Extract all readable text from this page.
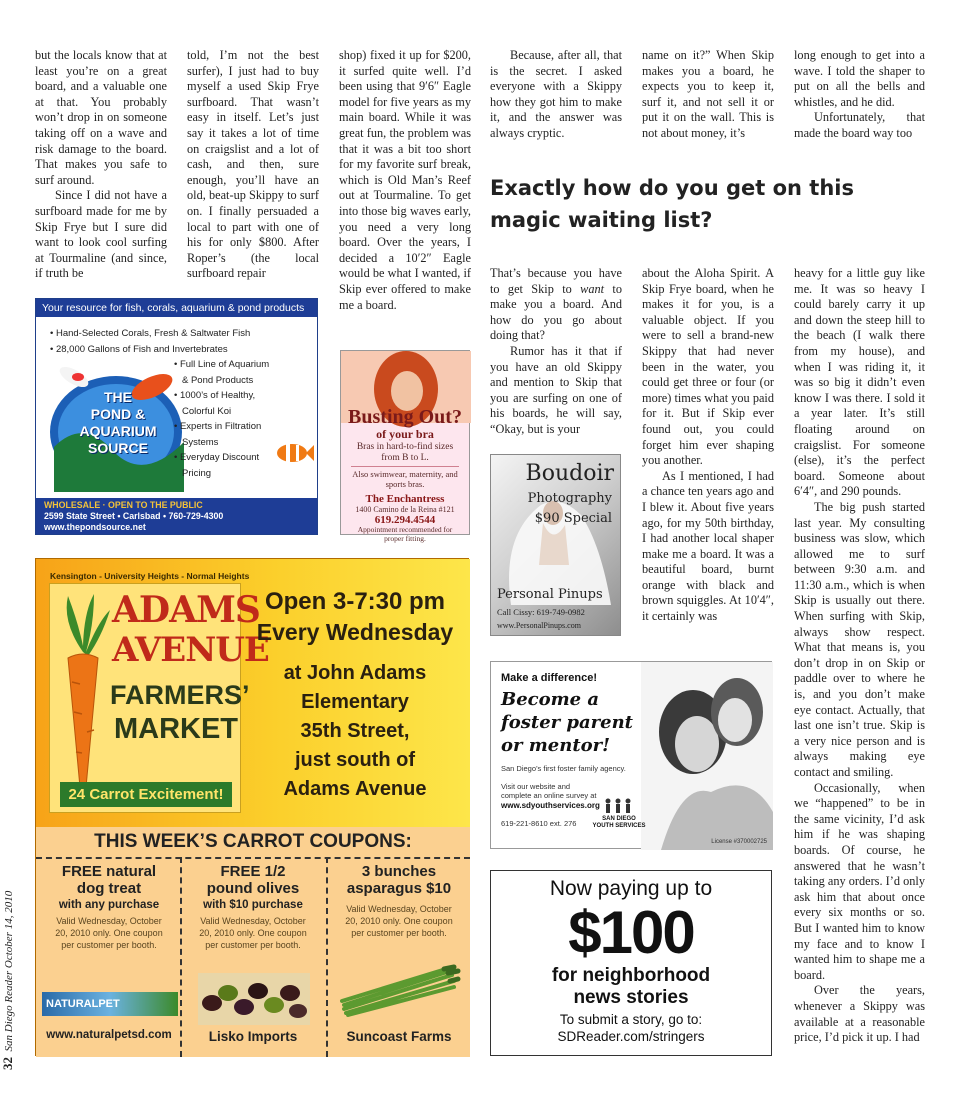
but the locals know that at least you’re on a great board, and a valuable one at that. You probably won’t drop in on someone taking off on a wave and risk damage to the board. That makes you safe to surf around.

Since I did not have a surfboard made for me by Skip Frye but I sure did want to look cool surfing at Tourmaline (and since, if truth be

told, I’m not the best surfer), I just had to buy myself a used Skip Frye surfboard. That wasn’t easy in itself. Let’s just say it takes a lot of time on craigslist and a lot of cash, and then, sure enough, you’ll have an old, beat-up Skippy to surf on. I finally persuaded a local to part with one of his for only $800. After Roper’s (the local surfboard repair

shop) fixed it up for $200, it surfed quite well. I’d been using that 9′6″ Eagle model for five years as my main board. While it was great fun, the problem was that it was a bit too short for my favorite surf break, which is Old Man’s Reef out at Tourmaline. To get into those big waves early, you need a very long board. Over the years, I decided a 10′2″ Eagle would be what I wanted, if Skip ever offered to make me a board.

Because, after all, that is the secret. I asked everyone with a Skippy how they got him to make it, and the answer was always cryptic.

name on it?” When Skip makes you a board, he expects you to keep it, surf it, and not sell it or put it on the wall. This is not about money, it’s

long enough to get into a wave. I told the shaper to put on all the bells and whistles, and he did.

Unfortunately, that made the board way too

Exactly how do you get on this magic waiting list?

That’s because you have to get Skip to want to make you a board. And how do you go about doing that?

Rumor has it that if you have an old Skippy and mention to Skip that you are surfing on one of his boards, he will say, “Okay, but is your

about the Aloha Spirit. A Skip Frye board, when he makes it for you, is a valuable object. If you were to sell a brand-new Skippy that had never been in the water, you could get three or four (or more) times what you paid for it. But if Skip ever found out, you could forget him ever shaping you another.

As I mentioned, I had a chance ten years ago and I blew it. About five years ago, for my 50th birthday, I had another local shaper make me a board. It was a beautiful board, burnt orange with black and brown squiggles. At 10′4″, it certainly was

heavy for a little guy like me. It was so heavy I could barely carry it up and down the steep hill to the beach (I walk there from my house), and when I was riding it, it was so big it didn’t even know I was there. I sold it a year later. It’s still floating around on craigslist. For someone (else), it’s the perfect board. Someone about 6′4″, and 290 pounds.

The big push started last year. My consulting business was slow, which allowed me to surf between 9:30 a.m. and 11:30 a.m., which is when Skip is usually out there. When surfing with Skip, always show respect. What that means is, you don’t drop in on Skip or paddle over to where he is, and you don’t make eye contact. Actually, that last one isn’t true. Skip is a very nice person and is always making eye contact and smiling.

Occasionally, when we “happened” to be in the same vicinity, I’d ask him if he was shaping boards. Of course, he answered that he wasn’t taking any orders. I’d only ask him that about once every six months or so. But I wanted him to know my face and to know I wanted him to shape me a board.

Over the years, whenever a Skippy was available at a reasonable price, I’d pick it up. I had

32  San Diego Reader October 14, 2010
Your resource for fish, corals, aquarium & pond products
• Hand-Selected Corals, Fresh & Saltwater Fish
• 28,000 Gallons of Fish and Invertebrates
THE
POND &
AQUARIUM
SOURCE
• Full Line of Aquarium
& Pond Products
• 1000’s of Healthy,
Colorful Koi
• Experts in Filtration
Systems
• Everyday Discount
Pricing
WHOLESALE · OPEN TO THE PUBLIC
2599 State Street • Carlsbad • 760-729-4300
www.thepondsource.net
Busting Out?
of your bra
Bras in hard-to-find sizes from B to L.
Also swimwear, maternity, and sports bras.
The Enchantress
1400 Camino de la Reina #121
619.294.4544
Appointment recommended for proper fitting.
Kensington - University Heights - Normal Heights
ADAMS
AVENUE
FARMERS’
MARKET
24 Carrot Excitement!
Open 3-7:30 pm
Every Wednesday
at John Adams
Elementary
35th Street,
just south of
Adams Avenue
THIS WEEK’S CARROT COUPONS:
FREE natural
dog treat
with any purchase
Valid Wednesday, October 20, 2010 only. One coupon per customer per booth.
NATURALPET
www.naturalpetsd.com
FREE 1/2
pound olives
with $10 purchase
Valid Wednesday, October 20, 2010 only. One coupon per customer per booth.
Lisko Imports
3 bunches
asparagus $10
Valid Wednesday, October 20, 2010 only. One coupon per customer per booth.
Suncoast Farms
Boudoir
Photography
$90 Special
Personal Pinups
Call Cissy: 619-749-0982
www.PersonalPinups.com
Make a difference!
Become a
foster parent
or mentor!
San Diego’s first foster family agency.
Visit our website and complete an online survey at
www.sdyouthservices.org
619-221-8610 ext. 276	SAN DIEGO YOUTH SERVICES
License #370002725
Now paying up to
$100
for neighborhood
news stories
To submit a story, go to:
SDReader.com/stringers
